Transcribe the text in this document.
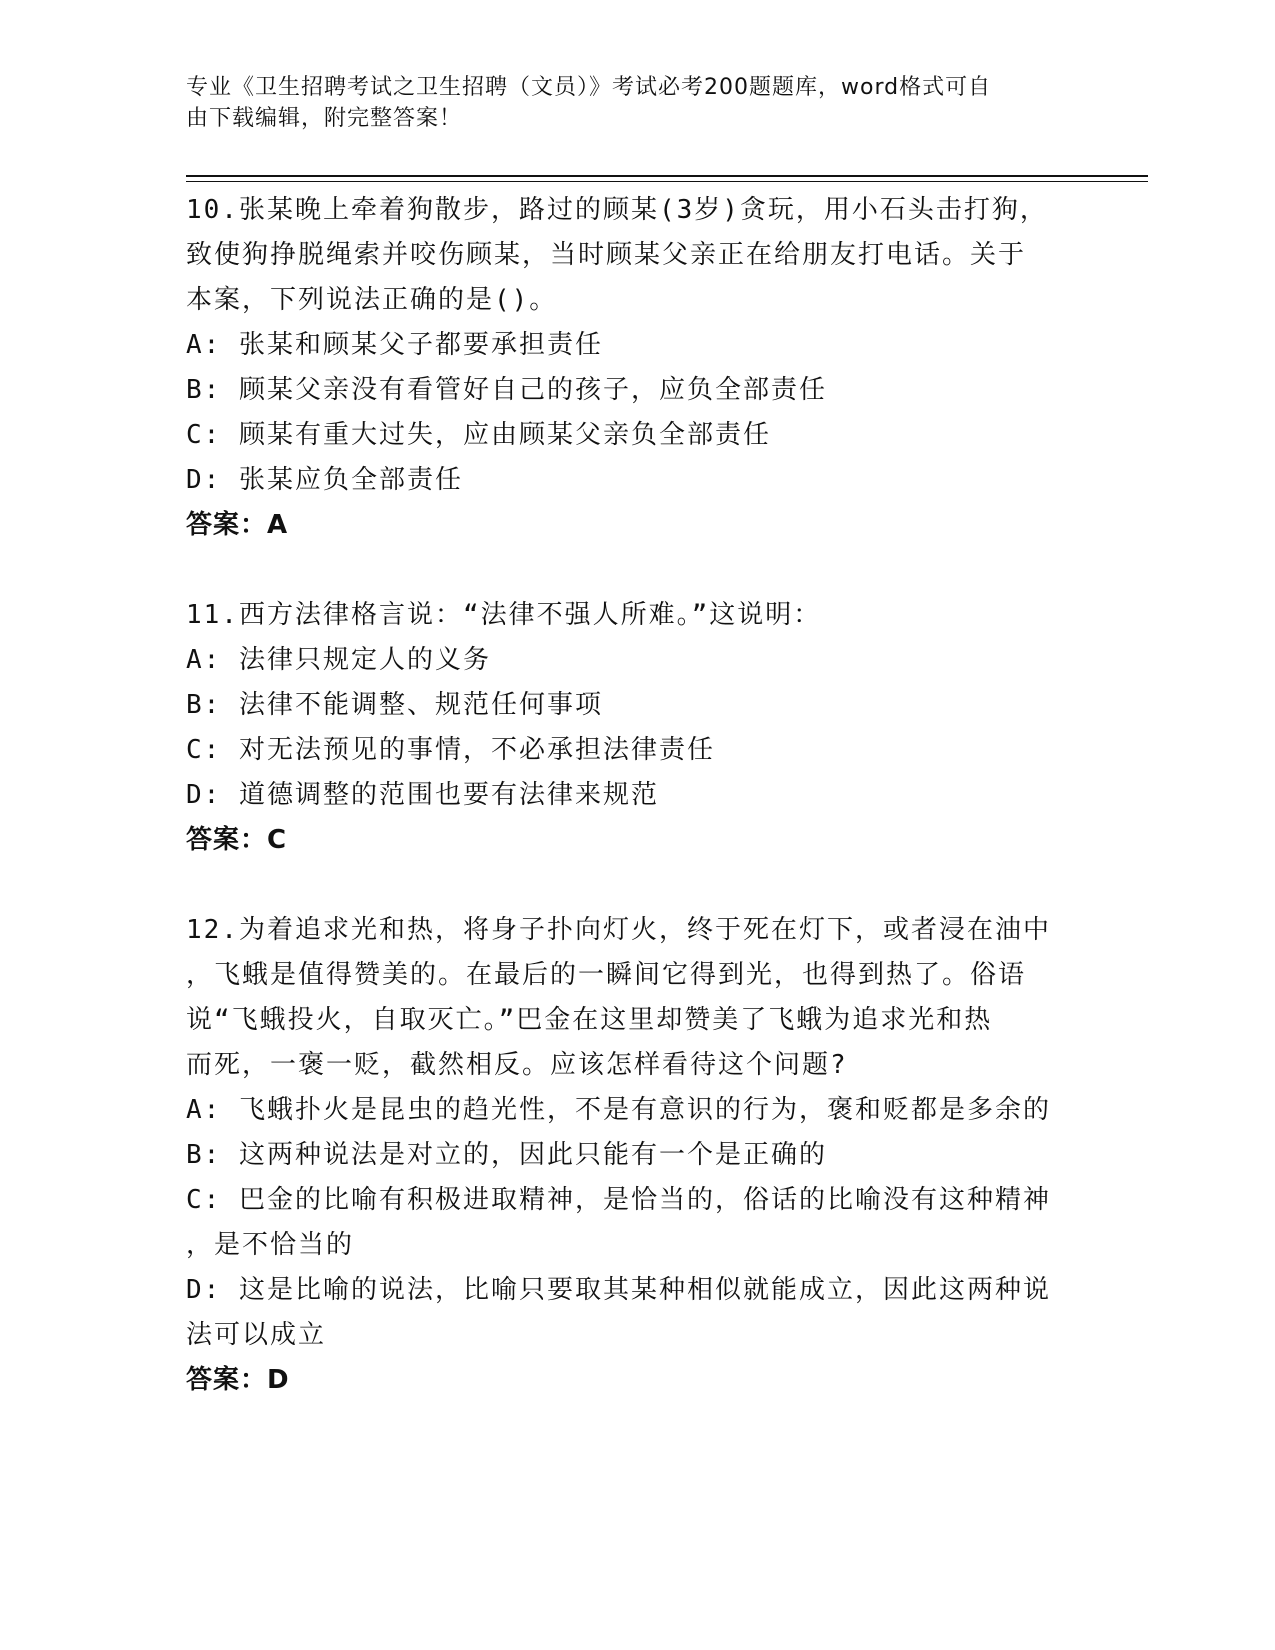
专业《卫生招聘考试之卫生招聘（文员）》考试必考200题题库，word格式可自
由下载编辑，附完整答案！
10.张某晚上牵着狗散步，路过的顾某(3岁)贪玩，用小石头击打狗，
致使狗挣脱绳索并咬伤顾某，当时顾某父亲正在给朋友打电话。关于
本案，下列说法正确的是()。
A: 张某和顾某父子都要承担责任
B: 顾某父亲没有看管好自己的孩子，应负全部责任
C: 顾某有重大过失，应由顾某父亲负全部责任
D: 张某应负全部责任
答案：A
11.西方法律格言说：“法律不强人所难。”这说明：
A: 法律只规定人的义务
B: 法律不能调整、规范任何事项
C: 对无法预见的事情，不必承担法律责任
D: 道德调整的范围也要有法律来规范
答案：C
12.为着追求光和热，将身子扑向灯火，终于死在灯下，或者浸在油中
，飞蛾是值得赞美的。在最后的一瞬间它得到光，也得到热了。俗语
说“飞蛾投火，自取灭亡。”巴金在这里却赞美了飞蛾为追求光和热
而死，一褒一贬，截然相反。应该怎样看待这个问题?
A: 飞蛾扑火是昆虫的趋光性，不是有意识的行为，褒和贬都是多余的
B: 这两种说法是对立的，因此只能有一个是正确的
C: 巴金的比喻有积极进取精神，是恰当的，俗话的比喻没有这种精神
，是不恰当的
D: 这是比喻的说法，比喻只要取其某种相似就能成立，因此这两种说
法可以成立
答案：D
